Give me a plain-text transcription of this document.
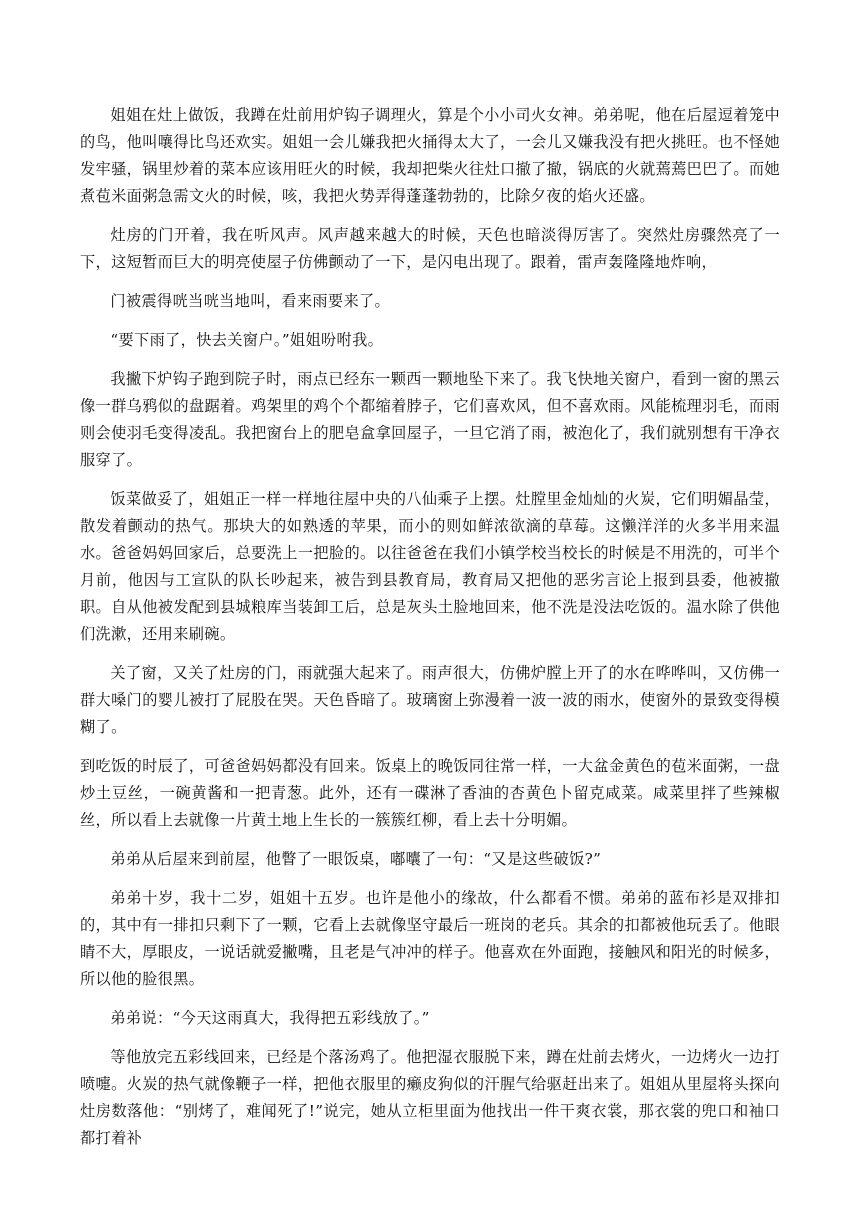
姐姐在灶上做饭，我蹲在灶前用炉钩子调理火，算是个小小司火女神。弟弟呢，他在后屋逗着笼中的鸟，他叫嚷得比鸟还欢实。姐姐一会儿嫌我把火捅得太大了，一会儿又嫌我没有把火挑旺。也不怪她发牢骚，锅里炒着的菜本应该用旺火的时候，我却把柴火往灶口撤了撤，锅底的火就蔫蔫巴巴了。而她煮苞米面粥急需文火的时候，咳，我把火势弄得蓬蓬勃勃的，比除夕夜的焰火还盛。

灶房的门开着，我在听风声。风声越来越大的时候，天色也暗淡得厉害了。突然灶房骤然亮了一下，这短暂而巨大的明亮使屋子仿佛颤动了一下，是闪电出现了。跟着，雷声轰隆隆地炸响，

门被震得咣当咣当地叫，看来雨要来了。

“要下雨了，快去关窗户。”姐姐吩咐我。

我撇下炉钩子跑到院子时，雨点已经东一颗西一颗地坠下来了。我飞快地关窗户，看到一窗的黑云像一群乌鸦似的盘踞着。鸡架里的鸡个个都缩着脖子，它们喜欢风，但不喜欢雨。风能梳理羽毛，而雨则会使羽毛变得凌乱。我把窗台上的肥皂盒拿回屋子，一旦它消了雨，被泡化了，我们就别想有干净衣服穿了。

饭菜做妥了，姐姐正一样一样地往屋中央的八仙乘子上摆。灶膛里金灿灿的火炭，它们明媚晶莹，散发着颤动的热气。那块大的如熟透的苹果，而小的则如鲜浓欲滴的草莓。这懒洋洋的火多半用来温水。爸爸妈妈回家后，总要洗上一把脸的。以往爸爸在我们小镇学校当校长的时候是不用洗的，可半个月前，他因与工宣队的队长吵起来，被告到县教育局，教育局又把他的恶劣言论上报到县委，他被撤职。自从他被发配到县城粮库当装卸工后，总是灰头土脸地回来，他不洗是没法吃饭的。温水除了供他们洗漱，还用来刷碗。

关了窗，又关了灶房的门，雨就强大起来了。雨声很大，仿佛炉膛上开了的水在哗哗叫，又仿佛一群大嗓门的婴儿被打了屁股在哭。天色昏暗了。玻璃窗上弥漫着一波一波的雨水，使窗外的景致变得模糊了。

到吃饭的时辰了，可爸爸妈妈都没有回来。饭桌上的晚饭同往常一样，一大盆金黄色的苞米面粥，一盘炒土豆丝，一碗黄酱和一把青葱。此外，还有一碟淋了香油的杏黄色卜留克咸菜。咸菜里拌了些辣椒丝，所以看上去就像一片黄土地上生长的一簇簇红柳，看上去十分明媚。

弟弟从后屋来到前屋，他瞥了一眼饭桌，嘟囔了一句：“又是这些破饭?”

弟弟十岁，我十二岁，姐姐十五岁。也许是他小的缘故，什么都看不惯。弟弟的蓝布衫是双排扣的，其中有一排扣只剩下了一颗，它看上去就像坚守最后一班岗的老兵。其余的扣都被他玩丢了。他眼睛不大，厚眼皮，一说话就爱撇嘴，且老是气冲冲的样子。他喜欢在外面跑，接触风和阳光的时候多，所以他的脸很黑。

弟弟说：“今天这雨真大，我得把五彩线放了。”

等他放完五彩线回来，已经是个落汤鸡了。他把湿衣服脱下来，蹲在灶前去烤火，一边烤火一边打喷嚏。火炭的热气就像鞭子一样，把他衣服里的癞皮狗似的汗腥气给驱赶出来了。姐姐从里屋将头探向灶房数落他：“别烤了，难闻死了!”说完，她从立柜里面为他找出一件干爽衣裳，那衣裳的兜口和袖口都打着补
